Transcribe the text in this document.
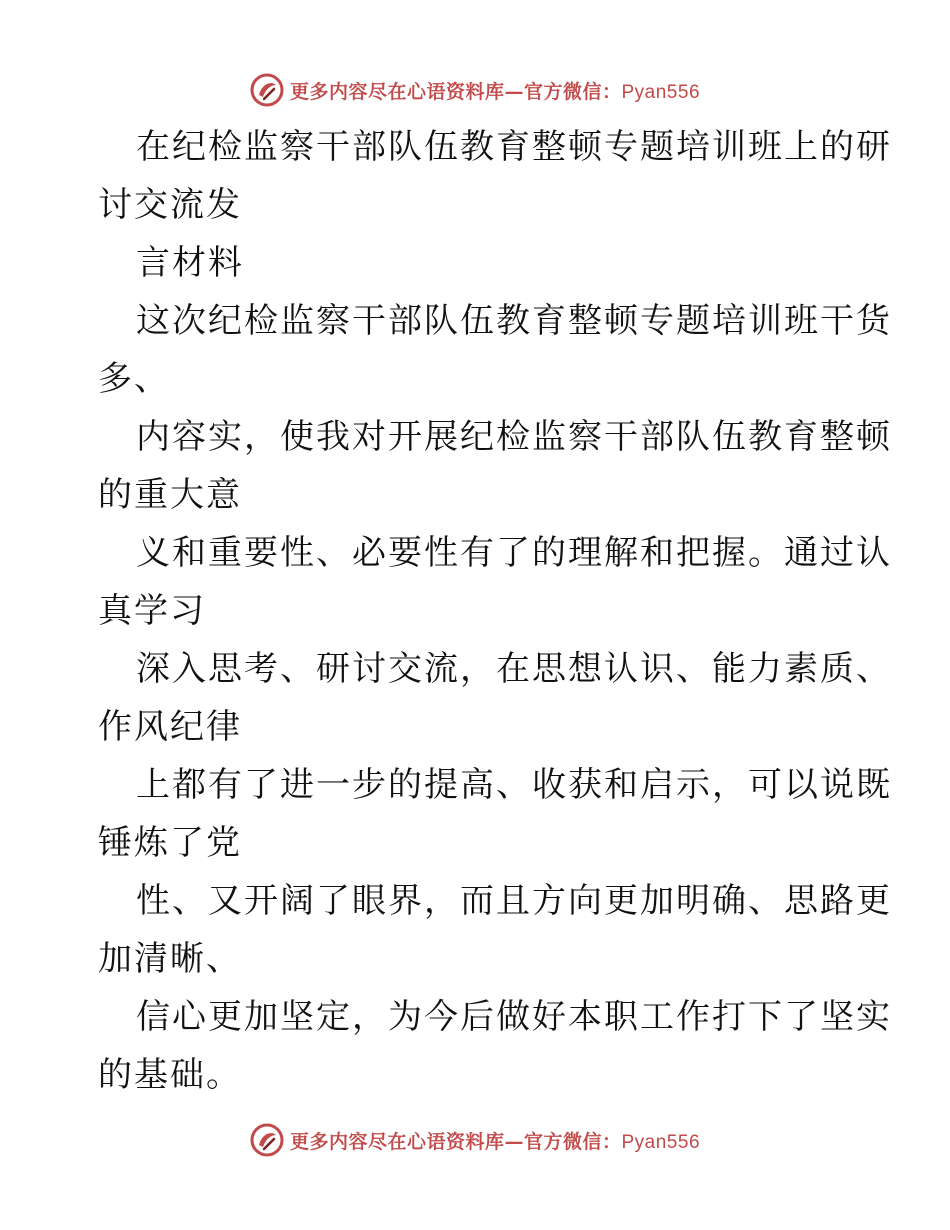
更多内容尽在心语资料库—官方微信：Pyan556
在纪检监察干部队伍教育整顿专题培训班上的研
讨交流发
言材料
这次纪检监察干部队伍教育整顿专题培训班干货
多、
内容实，使我对开展纪检监察干部队伍教育整顿
的重大意
义和重要性、必要性有了的理解和把握。通过认
真学习
深入思考、研讨交流，在思想认识、能力素质、
作风纪律
上都有了进一步的提高、收获和启示，可以说既
锤炼了党
性、又开阔了眼界，而且方向更加明确、思路更
加清晰、
信心更加坚定，为今后做好本职工作打下了坚实
的基础。
更多内容尽在心语资料库—官方微信：Pyan556
